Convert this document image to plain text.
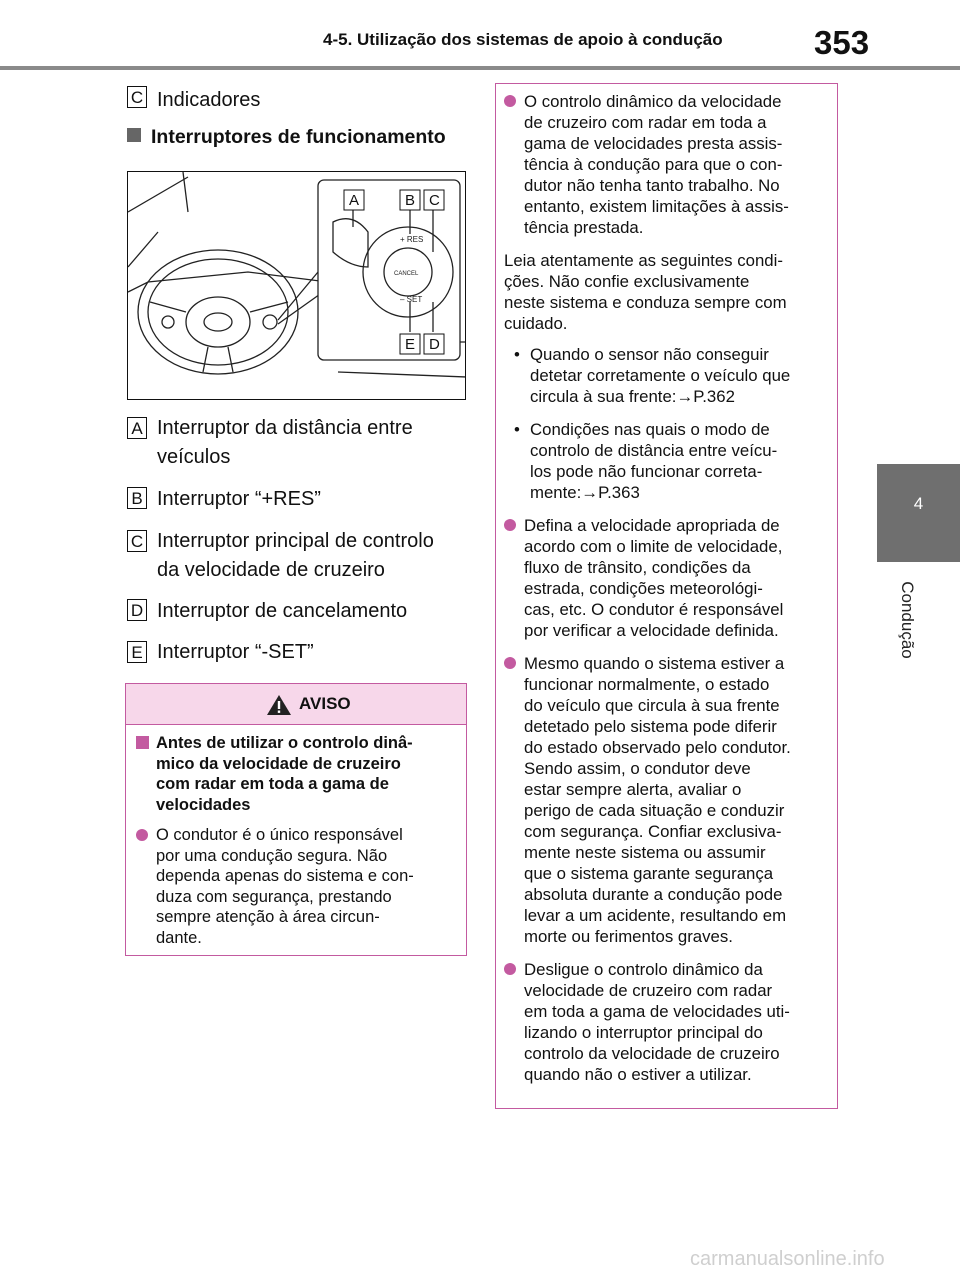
4-5. Utilização dos sistemas de apoio à condução	353
4
Condução
C Indicadores
Interruptores de funcionamento
+ RES
CANCEL
– SET
A	B C
E D
A Interruptor da distância entre
veículos
B Interruptor “+RES”
C Interruptor principal de controlo
da velocidade de cruzeiro
D Interruptor de cancelamento
E Interruptor “-SET”
AVISO
Antes de utilizar o controlo dinâ-
mico da velocidade de cruzeiro
com radar em toda a gama de
velocidades
O condutor é o único responsável
por uma condução segura. Não
dependa apenas do sistema e con-
duza com segurança, prestando
sempre atenção à área circun-
dante.
O controlo dinâmico da velocidade
de cruzeiro com radar em toda a
gama de velocidades presta assis-
tência à condução para que o con-
dutor não tenha tanto trabalho. No
entanto, existem limitações à assis-
tência prestada.
Leia atentamente as seguintes condi-
ções. Não confie exclusivamente
neste sistema e conduza sempre com
cuidado.
• Quando o sensor não conseguir
detetar corretamente o veículo que
circula à sua frente:→P.362
• Condições nas quais o modo de
controlo de distância entre veícu-
los pode não funcionar correta-
mente:→P.363
Defina a velocidade apropriada de
acordo com o limite de velocidade,
fluxo de trânsito, condições da
estrada, condições meteorológi-
cas, etc. O condutor é responsável
por verificar a velocidade definida.
Mesmo quando o sistema estiver a
funcionar normalmente, o estado
do veículo que circula à sua frente
detetado pelo sistema pode diferir
do estado observado pelo condutor.
Sendo assim, o condutor deve
estar sempre alerta, avaliar o
perigo de cada situação e conduzir
com segurança. Confiar exclusiva-
mente neste sistema ou assumir
que o sistema garante segurança
absoluta durante a condução pode
levar a um acidente, resultando em
morte ou ferimentos graves.
Desligue o controlo dinâmico da
velocidade de cruzeiro com radar
em toda a gama de velocidades uti-
lizando o interruptor principal do
controlo da velocidade de cruzeiro
quando não o estiver a utilizar.
carmanualsonline.info
